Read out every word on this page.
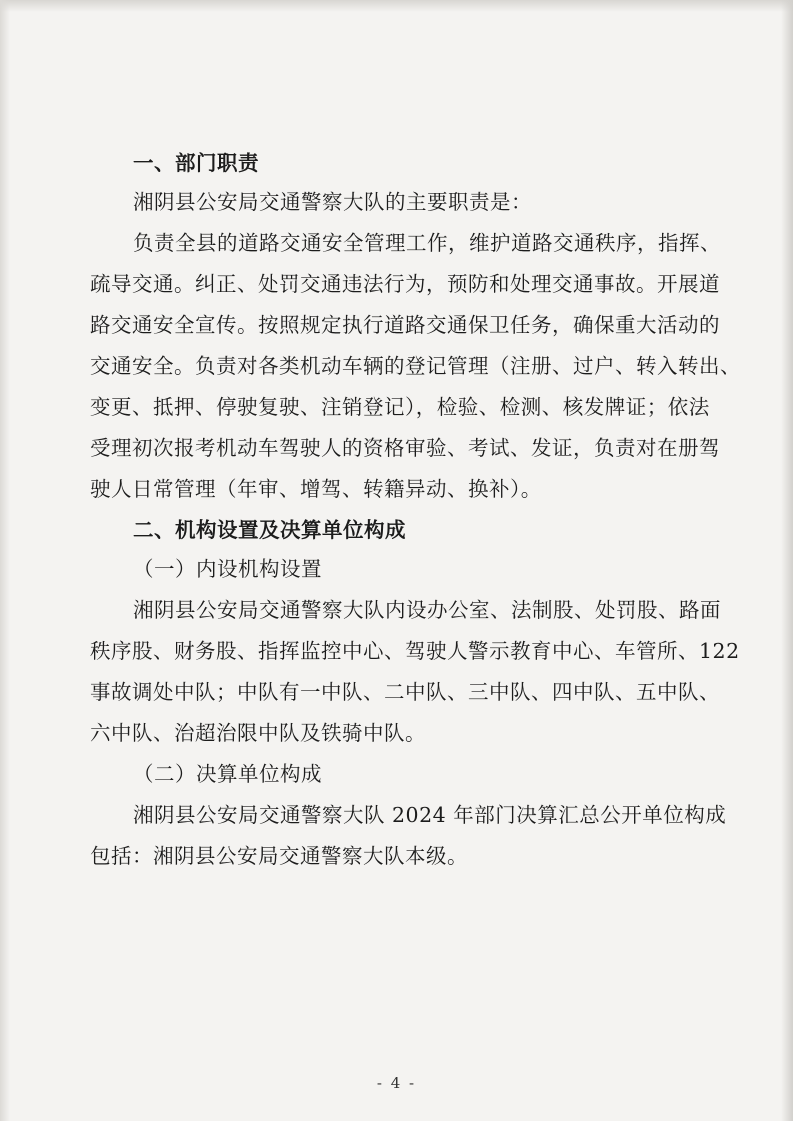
一、部门职责
湘阴县公安局交通警察大队的主要职责是：
负责全县的道路交通安全管理工作，维护道路交通秩序，指挥、
疏导交通。纠正、处罚交通违法行为，预防和处理交通事故。开展道
路交通安全宣传。按照规定执行道路交通保卫任务，确保重大活动的
交通安全。负责对各类机动车辆的登记管理（注册、过户、转入转出、
变更、抵押、停驶复驶、注销登记），检验、检测、核发牌证；依法
受理初次报考机动车驾驶人的资格审验、考试、发证，负责对在册驾
驶人日常管理（年审、增驾、转籍异动、换补）。
二、机构设置及决算单位构成
（一）内设机构设置
湘阴县公安局交通警察大队内设办公室、法制股、处罚股、路面
秩序股、财务股、指挥监控中心、驾驶人警示教育中心、车管所、122
事故调处中队；中队有一中队、二中队、三中队、四中队、五中队、
六中队、治超治限中队及铁骑中队。
（二）决算单位构成
湘阴县公安局交通警察大队 2024 年部门决算汇总公开单位构成
包括：湘阴县公安局交通警察大队本级。
- 4 -
